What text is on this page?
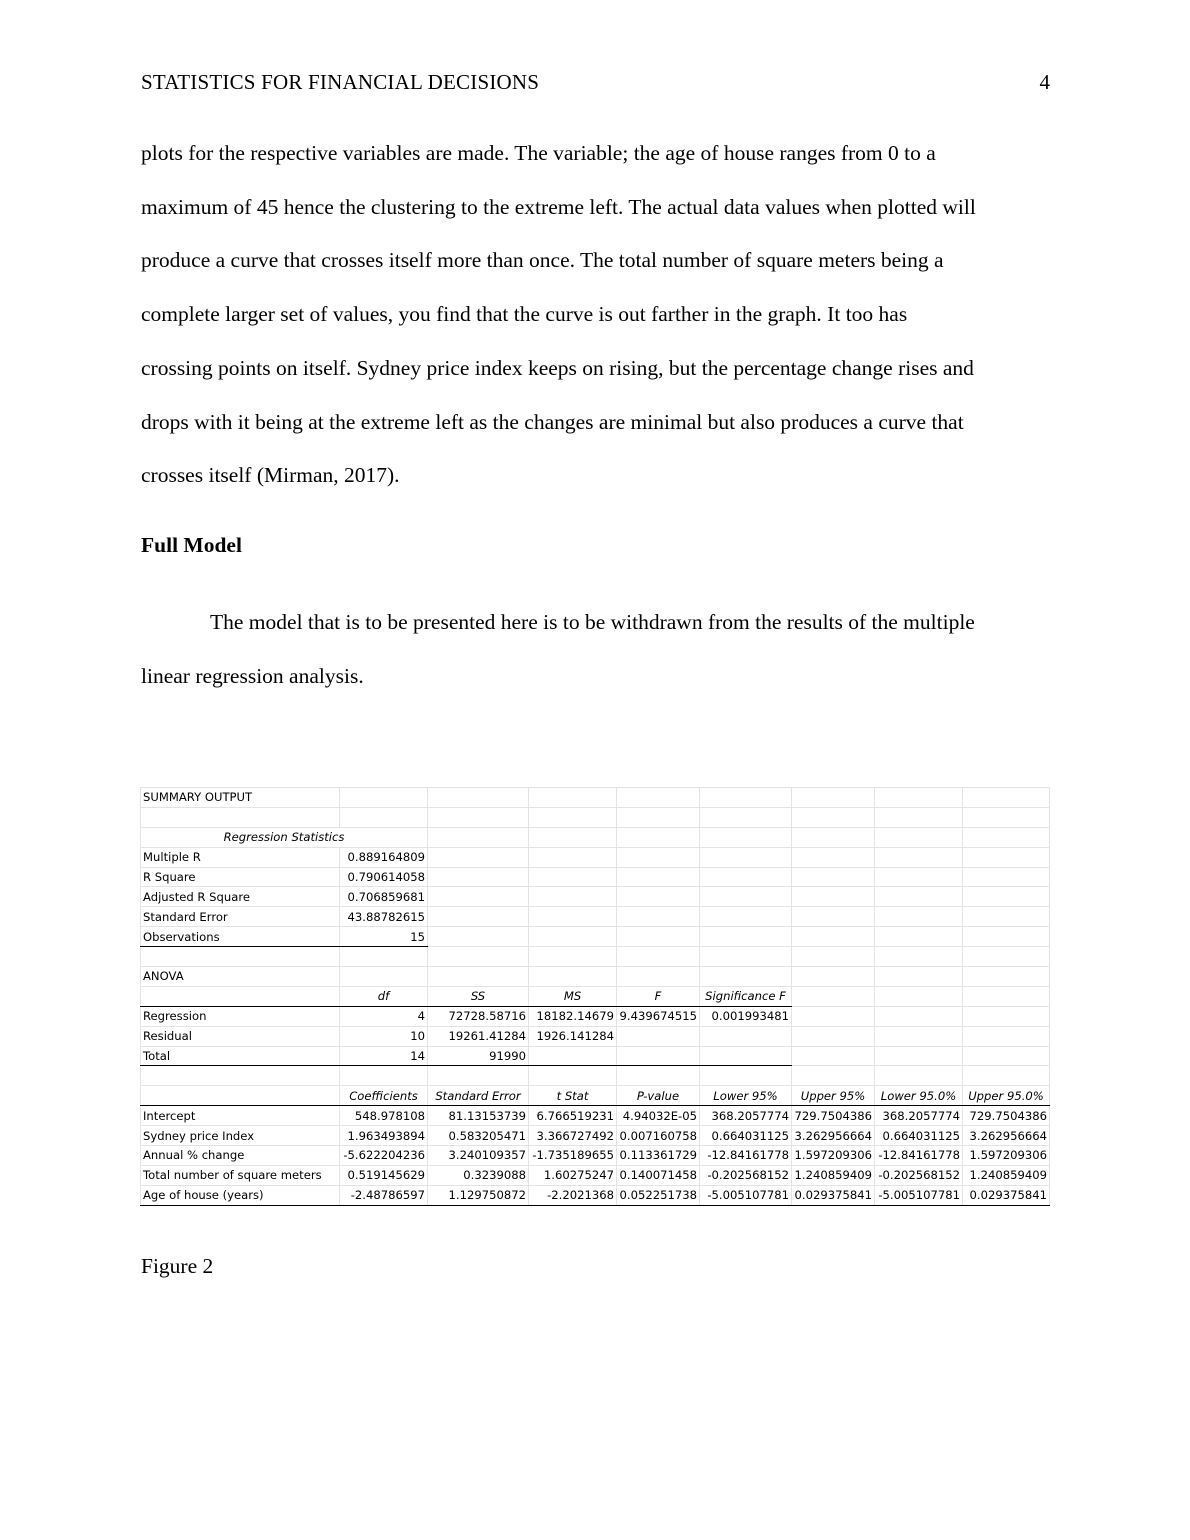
STATISTICS FOR FINANCIAL DECISIONS	4

plots for the respective variables are made. The variable; the age of house ranges from 0 to a

maximum of 45 hence the clustering to the extreme left. The actual data values when plotted will

produce a curve that crosses itself more than once. The total number of square meters being a

complete larger set of values, you find that the curve is out farther in the graph. It too has

crossing points on itself. Sydney price index keeps on rising, but the percentage change rises and

drops with it being at the extreme left as the changes are minimal but also produces a curve that

crosses itself (Mirman, 2017).

Full Model

The model that is to be presented here is to be withdrawn from the results of the multiple

linear regression analysis.
SUMMARY OUTPUT								

Regression Statistics								
Multiple R	0.889164809							
R Square	0.790614058							
Adjusted R Square	0.706859681							
Standard Error	43.88782615							
Observations	15							

ANOVA								
	df	SS	MS	F	Significance F			
Regression	4	72728.58716	18182.14679	9.439674515	0.001993481			
Residual	10	19261.41284	1926.141284					
Total	14	91990						

	Coefficients	Standard Error	t Stat	P-value	Lower 95%	Upper 95%	Lower 95.0%	Upper 95.0%
Intercept	548.978108	81.13153739	6.766519231	4.94032E-05	368.2057774	729.7504386	368.2057774	729.7504386
Sydney price Index	1.963493894	0.583205471	3.366727492	0.007160758	0.664031125	3.262956664	0.664031125	3.262956664
Annual % change	-5.622204236	3.240109357	-1.735189655	0.113361729	-12.84161778	1.597209306	-12.84161778	1.597209306
Total number of square meters	0.519145629	0.3239088	1.60275247	0.140071458	-0.202568152	1.240859409	-0.202568152	1.240859409
Age of house (years)	-2.48786597	1.129750872	-2.2021368	0.052251738	-5.005107781	0.029375841	-5.005107781	0.029375841
Figure 2
